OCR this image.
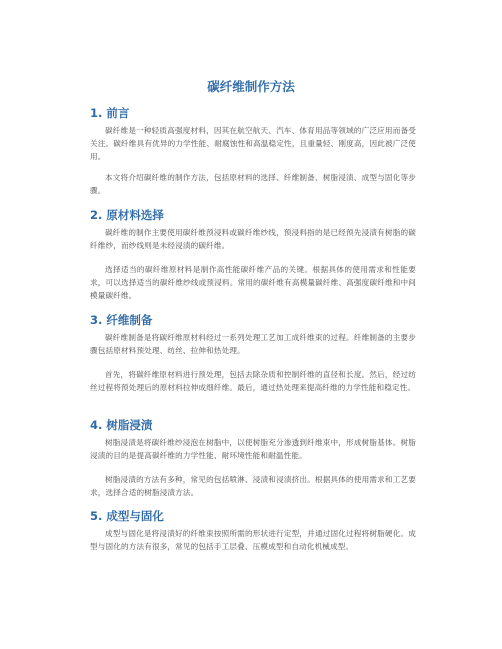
碳纤维制作方法
1. 前言

碳纤维是一种轻质高强度材料，因其在航空航天、汽车、体育用品等领域的广泛应用而备受关注。碳纤维具有优异的力学性能、耐腐蚀性和高温稳定性，且重量轻、刚度高，因此被广泛使用。

本文将介绍碳纤维的制作方法，包括原材料的选择、纤维制备、树脂浸渍、成型与固化等步骤。

2. 原材料选择

碳纤维的制作主要使用碳纤维预浸料或碳纤维纱线，预浸料指的是已经预先浸渍有树脂的碳纤维纱，而纱线则是未经浸渍的碳纤维。

选择适当的碳纤维原材料是制作高性能碳纤维产品的关键。根据具体的使用需求和性能要求，可以选择适当的碳纤维纱线或预浸料。常用的碳纤维有高模量碳纤维、高强度碳纤维和中间模量碳纤维。

3. 纤维制备

碳纤维制备是将碳纤维原材料经过一系列处理工艺加工成纤维束的过程。纤维制备的主要步骤包括原材料预处理、纺丝、拉伸和热处理。

首先，将碳纤维原材料进行预处理，包括去除杂质和控制纤维的直径和长度。然后，经过纺丝过程将预处理后的原材料拉伸成细纤维。最后，通过热处理来提高纤维的力学性能和稳定性。

4. 树脂浸渍

树脂浸渍是将碳纤维纱浸泡在树脂中，以使树脂充分渗透到纤维束中，形成树脂基体。树脂浸渍的目的是提高碳纤维的力学性能、耐环境性能和耐温性能。

树脂浸渍的方法有多种，常见的包括喷淋、浸渍和浸渍挤出。根据具体的使用需求和工艺要求，选择合适的树脂浸渍方法。

5. 成型与固化

成型与固化是将浸渍好的纤维束按照所需的形状进行定型，并通过固化过程将树脂硬化。成型与固化的方法有很多，常见的包括手工层叠、压模成型和自动化机械成型。
